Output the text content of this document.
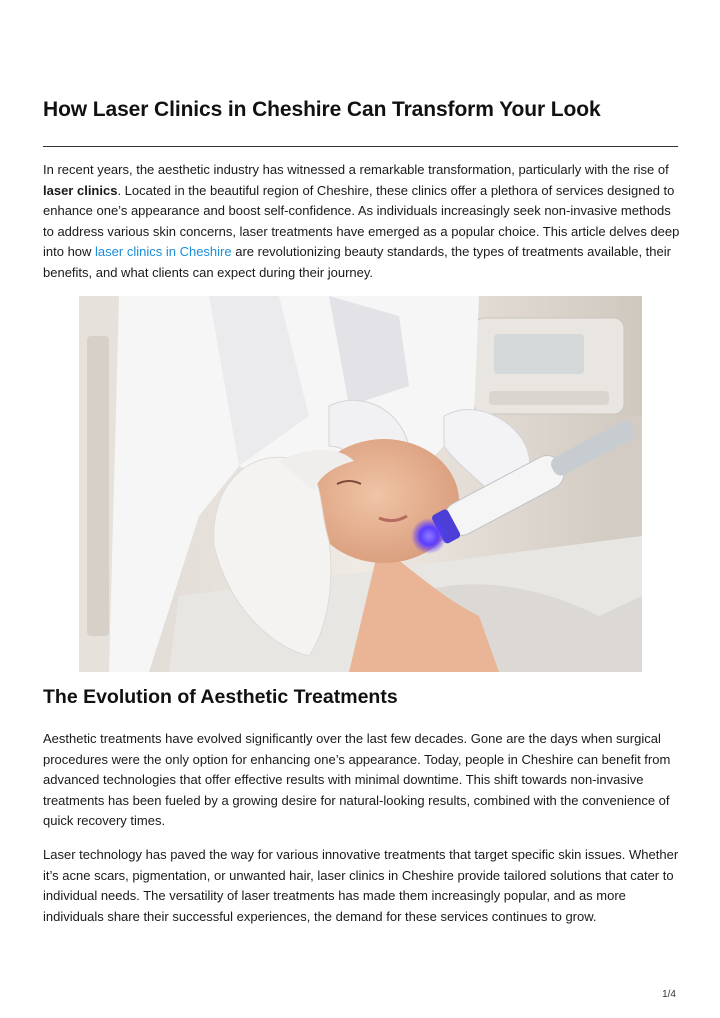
How Laser Clinics in Cheshire Can Transform Your Look

In recent years, the aesthetic industry has witnessed a remarkable transformation, particularly with the rise of laser clinics. Located in the beautiful region of Cheshire, these clinics offer a plethora of services designed to enhance one’s appearance and boost self-confidence. As individuals increasingly seek non-invasive methods to address various skin concerns, laser treatments have emerged as a popular choice. This article delves deep into how laser clinics in Cheshire are revolutionizing beauty standards, the types of treatments available, their benefits, and what clients can expect during their journey.

The Evolution of Aesthetic Treatments

Aesthetic treatments have evolved significantly over the last few decades. Gone are the days when surgical procedures were the only option for enhancing one’s appearance. Today, people in Cheshire can benefit from advanced technologies that offer effective results with minimal downtime. This shift towards non-invasive treatments has been fueled by a growing desire for natural-looking results, combined with the convenience of quick recovery times.

Laser technology has paved the way for various innovative treatments that target specific skin issues. Whether it’s acne scars, pigmentation, or unwanted hair, laser clinics in Cheshire provide tailored solutions that cater to individual needs. The versatility of laser treatments has made them increasingly popular, and as more individuals share their successful experiences, the demand for these services continues to grow.

1/4
